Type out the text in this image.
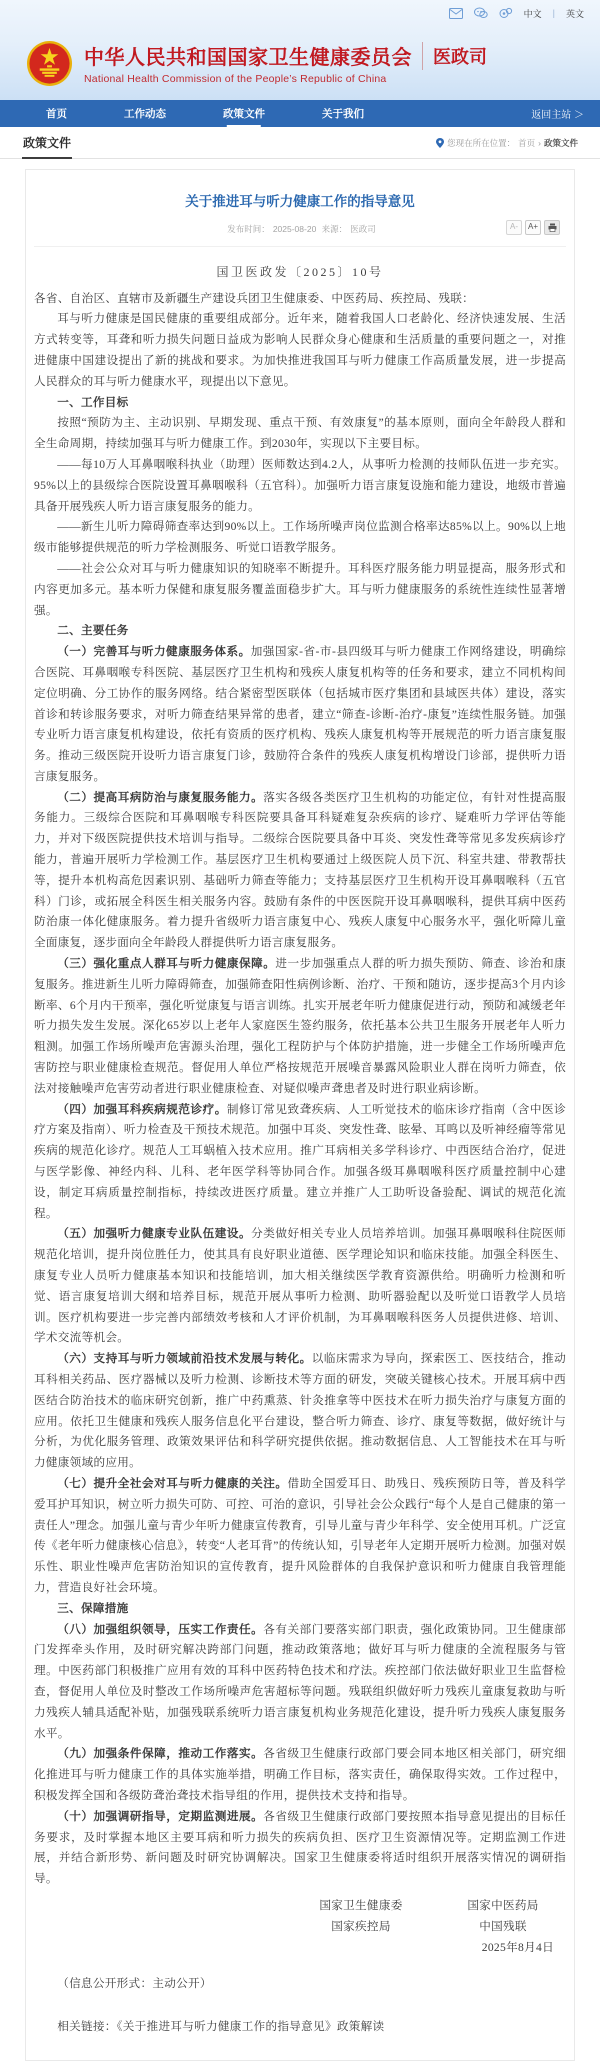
中文 | 英文
中华人民共和国国家卫生健康委员会 医政司
National Health Commission of the People’s Republic of China
首页	工作动态	政策文件	关于我们	返回主站 ＞
政策文件	您现在所在位置： 首页 › 政策文件
关于推进耳与听力健康工作的指导意见
发布时间： 2025-08-20 来源： 医政司	A-	A+
国卫医政发〔2025〕10号

各省、自治区、直辖市及新疆生产建设兵团卫生健康委、中医药局、疾控局、残联：

耳与听力健康是国民健康的重要组成部分。近年来，随着我国人口老龄化、经济快速发展、生活方式转变等，耳聋和听力损失问题日益成为影响人民群众身心健康和生活质量的重要问题之一，对推进健康中国建设提出了新的挑战和要求。为加快推进我国耳与听力健康工作高质量发展，进一步提高人民群众的耳与听力健康水平，现提出以下意见。

一、工作目标

按照“预防为主、主动识别、早期发现、重点干预、有效康复”的基本原则，面向全年龄段人群和全生命周期，持续加强耳与听力健康工作。到2030年，实现以下主要目标。

——每10万人耳鼻咽喉科执业（助理）医师数达到4.2人，从事听力检测的技师队伍进一步充实。95%以上的县级综合医院设置耳鼻咽喉科（五官科）。加强听力语言康复设施和能力建设，地级市普遍具备开展残疾人听力语言康复服务的能力。

——新生儿听力障碍筛查率达到90%以上。工作场所噪声岗位监测合格率达85%以上。90%以上地级市能够提供规范的听力学检测服务、听觉口语教学服务。

——社会公众对耳与听力健康知识的知晓率不断提升。耳科医疗服务能力明显提高，服务形式和内容更加多元。基本听力保健和康复服务覆盖面稳步扩大。耳与听力健康服务的系统性连续性显著增强。

二、主要任务

（一）完善耳与听力健康服务体系。加强国家-省-市-县四级耳与听力健康工作网络建设，明确综合医院、耳鼻咽喉专科医院、基层医疗卫生机构和残疾人康复机构等的任务和要求，建立不同机构间定位明确、分工协作的服务网络。结合紧密型医联体（包括城市医疗集团和县域医共体）建设，落实首诊和转诊服务要求，对听力筛查结果异常的患者，建立“筛查-诊断-治疗-康复”连续性服务链。加强专业听力语言康复机构建设，依托有资质的医疗机构、残疾人康复机构等开展规范的听力语言康复服务。推动三级医院开设听力语言康复门诊，鼓励符合条件的残疾人康复机构增设门诊部，提供听力语言康复服务。

（二）提高耳病防治与康复服务能力。落实各级各类医疗卫生机构的功能定位，有针对性提高服务能力。三级综合医院和耳鼻咽喉专科医院要具备耳科疑难复杂疾病的诊疗、疑难听力学评估等能力，并对下级医院提供技术培训与指导。二级综合医院要具备中耳炎、突发性聋等常见多发疾病诊疗能力，普遍开展听力学检测工作。基层医疗卫生机构要通过上级医院人员下沉、科室共建、带教帮扶等，提升本机构高危因素识别、基础听力筛查等能力；支持基层医疗卫生机构开设耳鼻咽喉科（五官科）门诊，或拓展全科医生相关服务内容。鼓励有条件的中医医院开设耳鼻咽喉科，提供耳病中医药防治康一体化健康服务。着力提升省级听力语言康复中心、残疾人康复中心服务水平，强化听障儿童全面康复，逐步面向全年龄段人群提供听力语言康复服务。

（三）强化重点人群耳与听力健康保障。进一步加强重点人群的听力损失预防、筛查、诊治和康复服务。推进新生儿听力障碍筛查，加强筛查阳性病例诊断、治疗、干预和随访，逐步提高3个月内诊断率、6个月内干预率，强化听觉康复与语言训练。扎实开展老年听力健康促进行动，预防和减缓老年听力损失发生发展。深化65岁以上老年人家庭医生签约服务，依托基本公共卫生服务开展老年人听力粗测。加强工作场所噪声危害源头治理，强化工程防护与个体防护措施，进一步健全工作场所噪声危害防控与职业健康检查规范。督促用人单位严格按规范开展噪音暴露风险职业人群在岗听力筛查，依法对接触噪声危害劳动者进行职业健康检查、对疑似噪声聋患者及时进行职业病诊断。

（四）加强耳科疾病规范诊疗。制修订常见致聋疾病、人工听觉技术的临床诊疗指南（含中医诊疗方案及指南）、听力检查及干预技术规范。加强中耳炎、突发性聋、眩晕、耳鸣以及听神经瘤等常见疾病的规范化诊疗。规范人工耳蜗植入技术应用。推广耳病相关多学科诊疗、中西医结合治疗，促进与医学影像、神经内科、儿科、老年医学科等协同合作。加强各级耳鼻咽喉科医疗质量控制中心建设，制定耳病质量控制指标，持续改进医疗质量。建立并推广人工助听设备验配、调试的规范化流程。

（五）加强听力健康专业队伍建设。分类做好相关专业人员培养培训。加强耳鼻咽喉科住院医师规范化培训，提升岗位胜任力，使其具有良好职业道德、医学理论知识和临床技能。加强全科医生、康复专业人员听力健康基本知识和技能培训，加大相关继续医学教育资源供给。明确听力检测和听觉、语言康复培训大纲和培养目标，规范开展从事听力检测、助听器验配以及听觉口语教学人员培训。医疗机构要进一步完善内部绩效考核和人才评价机制，为耳鼻咽喉科医务人员提供进修、培训、学术交流等机会。

（六）支持耳与听力领域前沿技术发展与转化。以临床需求为导向，探索医工、医技结合，推动耳科相关药品、医疗器械以及听力检测、诊断技术等方面的研发，突破关键核心技术。开展耳病中西医结合防治技术的临床研究创新，推广中药熏蒸、针灸推拿等中医技术在听力损失治疗与康复方面的应用。依托卫生健康和残疾人服务信息化平台建设，整合听力筛查、诊疗、康复等数据，做好统计与分析，为优化服务管理、政策效果评估和科学研究提供依据。推动数据信息、人工智能技术在耳与听力健康领域的应用。

（七）提升全社会对耳与听力健康的关注。借助全国爱耳日、助残日、残疾预防日等，普及科学爱耳护耳知识，树立听力损失可防、可控、可治的意识，引导社会公众践行“每个人是自己健康的第一责任人”理念。加强儿童与青少年听力健康宣传教育，引导儿童与青少年科学、安全使用耳机。广泛宣传《老年听力健康核心信息》，转变“人老耳背”的传统认知，引导老年人定期开展听力检测。加强对娱乐性、职业性噪声危害防治知识的宣传教育，提升风险群体的自我保护意识和听力健康自我管理能力，营造良好社会环境。

三、保障措施

（八）加强组织领导，压实工作责任。各有关部门要落实部门职责，强化政策协同。卫生健康部门发挥牵头作用，及时研究解决跨部门问题，推动政策落地；做好耳与听力健康的全流程服务与管理。中医药部门积极推广应用有效的耳科中医药特色技术和疗法。疾控部门依法做好职业卫生监督检查，督促用人单位及时整改工作场所噪声危害超标等问题。残联组织做好听力残疾儿童康复救助与听力残疾人辅具适配补贴，加强残联系统听力语言康复机构业务规范化建设，提升听力残疾人康复服务水平。

（九）加强条件保障，推动工作落实。各省级卫生健康行政部门要会同本地区相关部门，研究细化推进耳与听力健康工作的具体实施举措，明确工作目标，落实责任，确保取得实效。工作过程中，积极发挥全国和各级防聋治聋技术指导组的作用，提供技术支持和指导。

（十）加强调研指导，定期监测进展。各省级卫生健康行政部门要按照本指导意见提出的目标任务要求，及时掌握本地区主要耳病和听力损失的疾病负担、医疗卫生资源情况等。定期监测工作进展，并结合新形势、新问题及时研究协调解决。国家卫生健康委将适时组织开展落实情况的调研指导。

国家卫生健康委	国家中医药局
国家疾控局	中国残联
2025年8月4日

（信息公开形式：主动公开）

相关链接：《关于推进耳与听力健康工作的指导意见》政策解读
